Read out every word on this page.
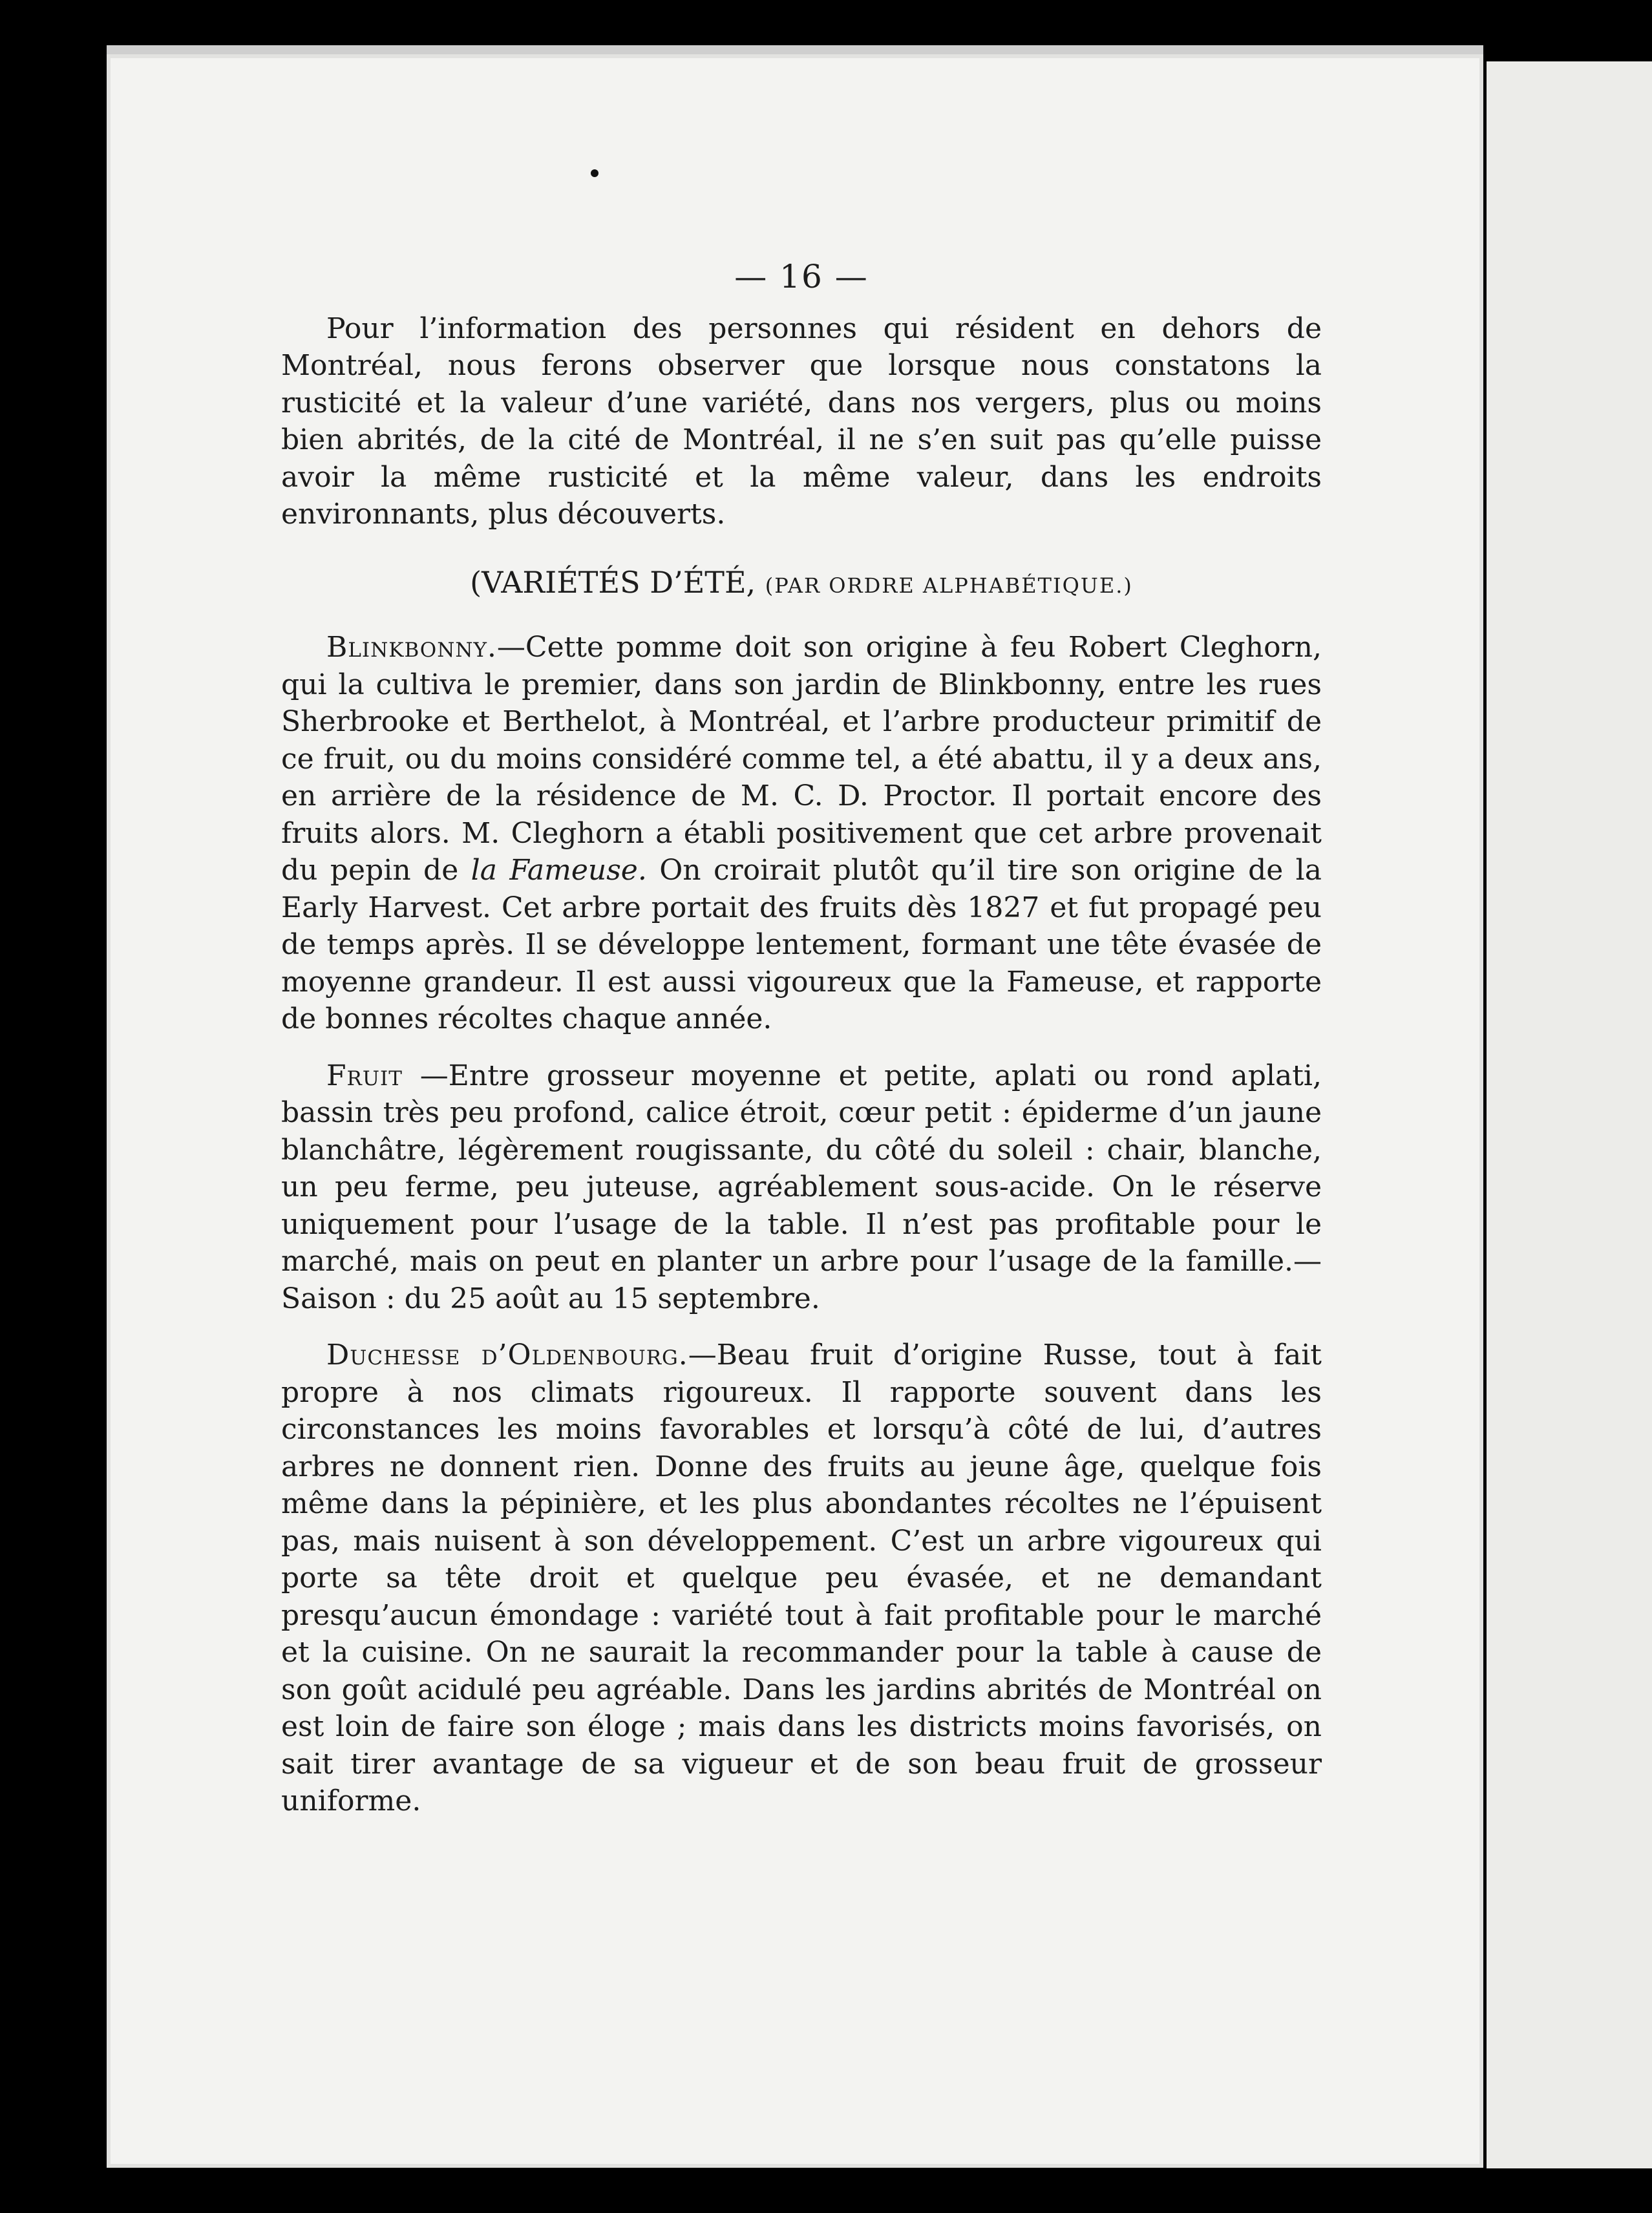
— 16 —

Pour l’information des personnes qui résident en dehors de Montréal, nous ferons observer que lorsque nous constatons la rusticité et la valeur d’une variété, dans nos vergers, plus ou moins bien abrités, de la cité de Montréal, il ne s’en suit pas qu’elle puisse avoir la même rusticité et la même valeur, dans les endroits environnants, plus découverts.

(VARIÉTÉS D’ÉTÉ, (PAR ORDRE ALPHABÉTIQUE.)

Blinkbonny.—Cette pomme doit son origine à feu Robert Cleghorn, qui la cultiva le premier, dans son jardin de Blinkbonny, entre les rues Sherbrooke et Berthelot, à Montréal, et l’arbre producteur primitif de ce fruit, ou du moins considéré comme tel, a été abattu, il y a deux ans, en arrière de la résidence de M. C. D. Proctor. Il portait encore des fruits alors. M. Cleghorn a établi positivement que cet arbre provenait du pepin de la Fameuse. On croirait plutôt qu’il tire son origine de la Early Harvest. Cet arbre portait des fruits dès 1827 et fut propagé peu de temps après. Il se développe lentement, formant une tête évasée de moyenne grandeur. Il est aussi vigoureux que la Fameuse, et rapporte de bonnes récoltes chaque année.

Fruit —Entre grosseur moyenne et petite, aplati ou rond aplati, bassin très peu profond, calice étroit, cœur petit : épiderme d’un jaune blanchâtre, légèrement rougissante, du côté du soleil : chair, blanche, un peu ferme, peu juteuse, agréablement sous-acide. On le réserve uniquement pour l’usage de la table. Il n’est pas profitable pour le marché, mais on peut en planter un arbre pour l’usage de la famille.—Saison : du 25 août au 15 septembre.

Duchesse d’Oldenbourg.—Beau fruit d’origine Russe, tout à fait propre à nos climats rigoureux. Il rapporte souvent dans les circonstances les moins favorables et lorsqu’à côté de lui, d’autres arbres ne donnent rien. Donne des fruits au jeune âge, quelque fois même dans la pépinière, et les plus abondantes récoltes ne l’épuisent pas, mais nuisent à son développement. C’est un arbre vigoureux qui porte sa tête droit et quelque peu évasée, et ne demandant presqu’aucun émondage : variété tout à fait profitable pour le marché et la cuisine. On ne saurait la recommander pour la table à cause de son goût acidulé peu agréable. Dans les jardins abrités de Montréal on est loin de faire son éloge ; mais dans les districts moins favorisés, on sait tirer avantage de sa vigueur et de son beau fruit de grosseur uniforme.
